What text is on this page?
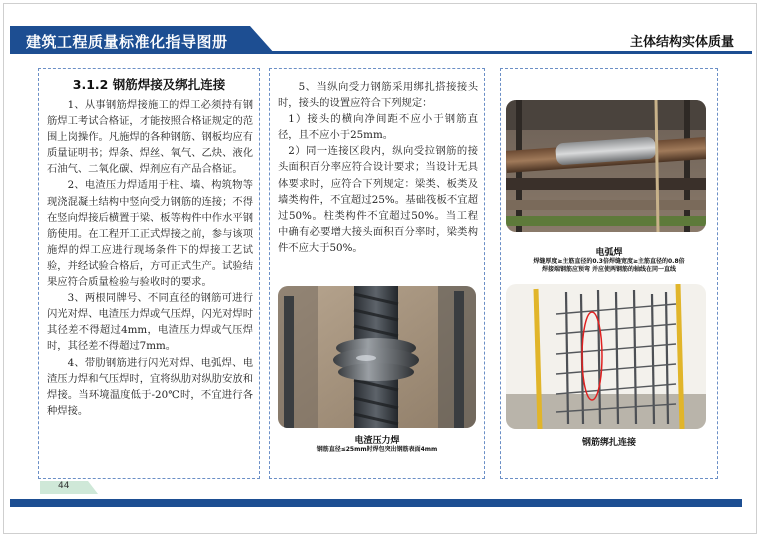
建筑工程质量标准化指导图册	主体结构实体质量
3.1.2 钢筋焊接及绑扎连接

1、从事钢筋焊接施工的焊工必须持有钢筋焊工考试合格证，才能按照合格证规定的范围上岗操作。凡施焊的各种钢筋、钢板均应有质量证明书；焊条、焊丝、氧气、乙炔、液化石油气、二氧化碳、焊剂应有产品合格证。

2、电渣压力焊适用于柱、墙、构筑物等现浇混凝土结构中竖向受力钢筋的连接；不得在竖向焊接后横置于梁、板等构件中作水平钢筋使用。在工程开工正式焊接之前，参与该项施焊的焊工应进行现场条件下的焊接工艺试验，并经试验合格后，方可正式生产。试验结果应符合质量检验与验收时的要求。

3、两根同牌号、不同直径的钢筋可进行闪光对焊、电渣压力焊或气压焊，闪光对焊时其径差不得超过4mm，电渣压力焊或气压焊时，其径差不得超过7mm。

4、带肋钢筋进行闪光对焊、电弧焊、电渣压力焊和气压焊时，宜将纵肋对纵肋安放和焊接。当环境温度低于-20℃时，不宜进行各种焊接。

5、当纵向受力钢筋采用绑扎搭接接头时，接头的设置应符合下列规定：

1）接头的横向净间距不应小于钢筋直径，且不应小于25mm。

2）同一连接区段内，纵向受拉钢筋的接头面积百分率应符合设计要求；当设计无具体要求时，应符合下列规定：梁类、板类及墙类构件，不宜超过25%。基础筏板不宜超过50%。柱类构件不宜超过50%。当工程中确有必要增大接头面积百分率时，梁类构件不应大于50%。

电渣压力焊
钢筋直径≤25mm时焊包突出钢筋表面4mm
电弧焊
焊缝厚度≥主筋直径的0.3倍焊缝宽度≥主筋直径的0.8倍
焊接端钢筋应预弯 并应使两钢筋的轴线在同一直线
钢筋绑扎连接
44
